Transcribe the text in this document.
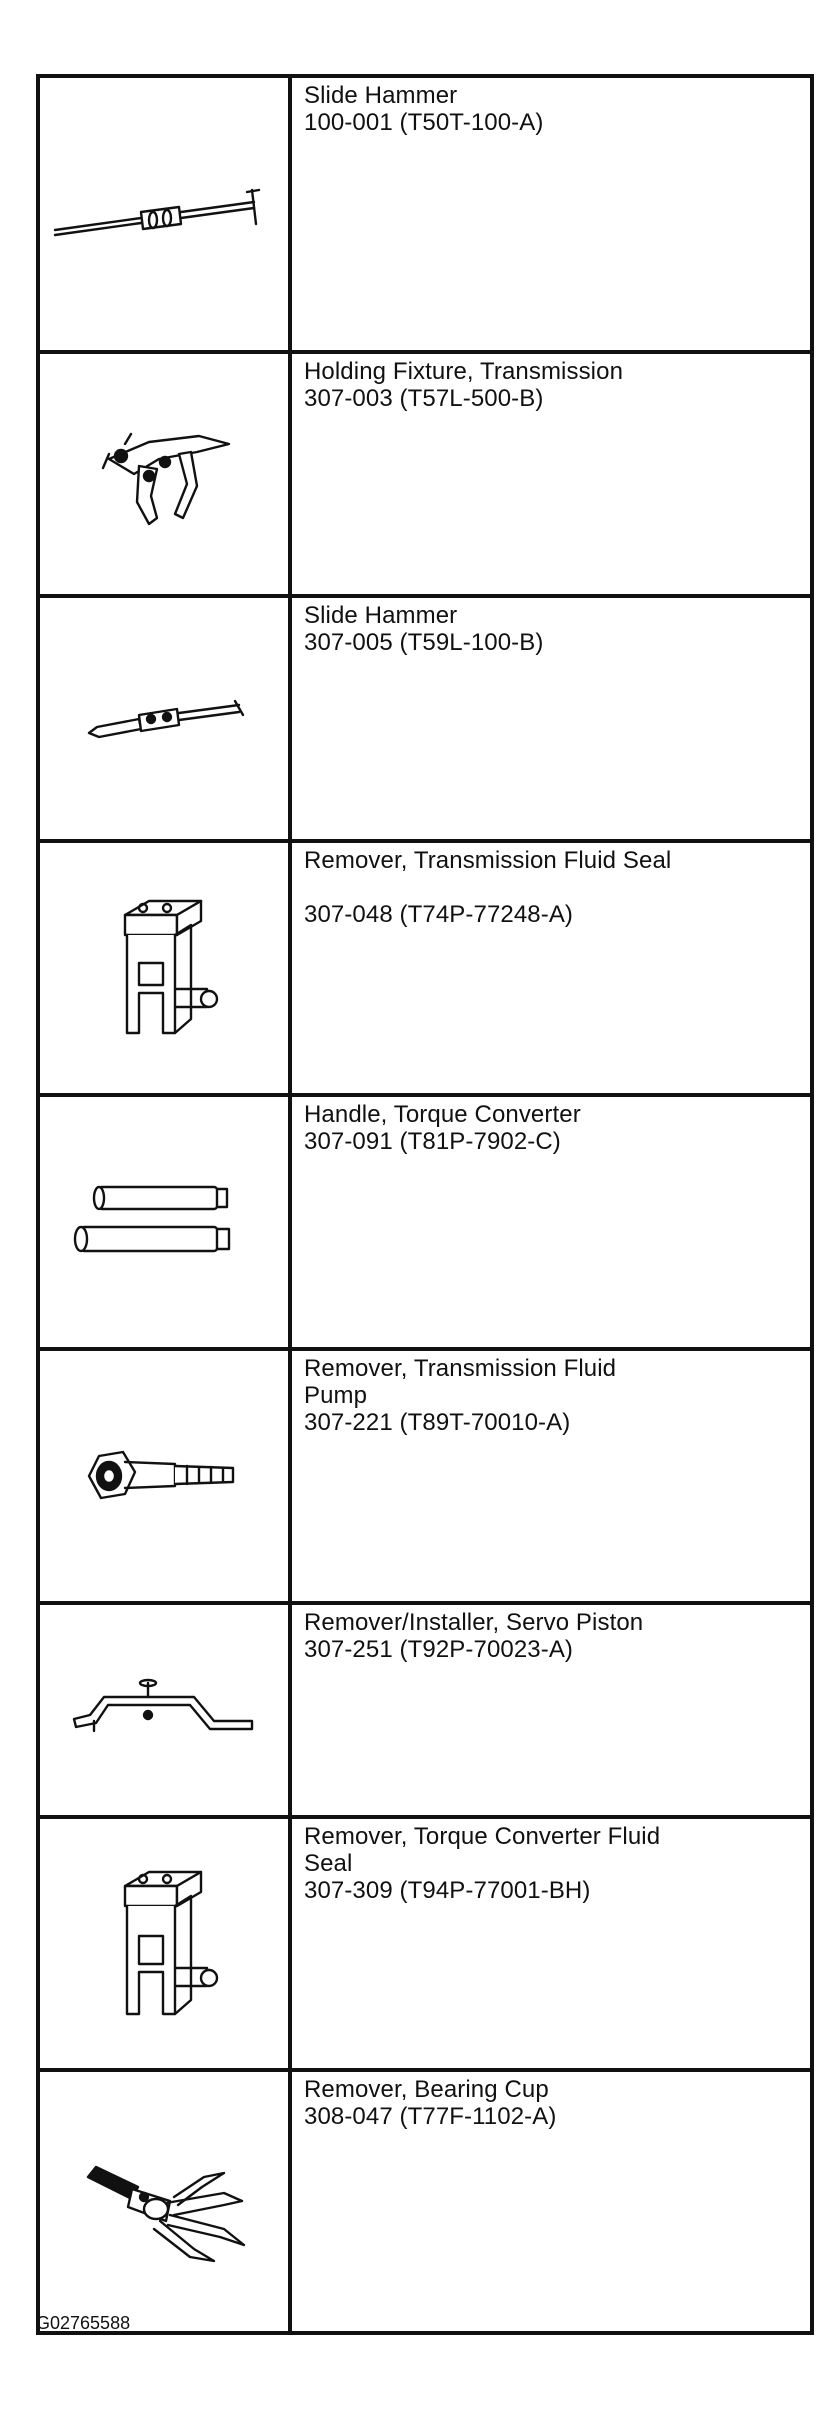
Slide Hammer
100-001 (T50T-100-A)

Holding Fixture, Transmission
307-003 (T57L-500-B)

Slide Hammer
307-005 (T59L-100-B)

Remover, Transmission Fluid Seal
307-048 (T74P-77248-A)

Handle, Torque Converter
307-091 (T81P-7902-C)

Remover, Transmission Fluid
Pump
307-221 (T89T-70010-A)

Remover/Installer, Servo Piston
307-251 (T92P-70023-A)

Remover, Torque Converter Fluid
Seal
307-309 (T94P-77001-BH)

Remover, Bearing Cup
308-047 (T77F-1102-A)
G02765588
